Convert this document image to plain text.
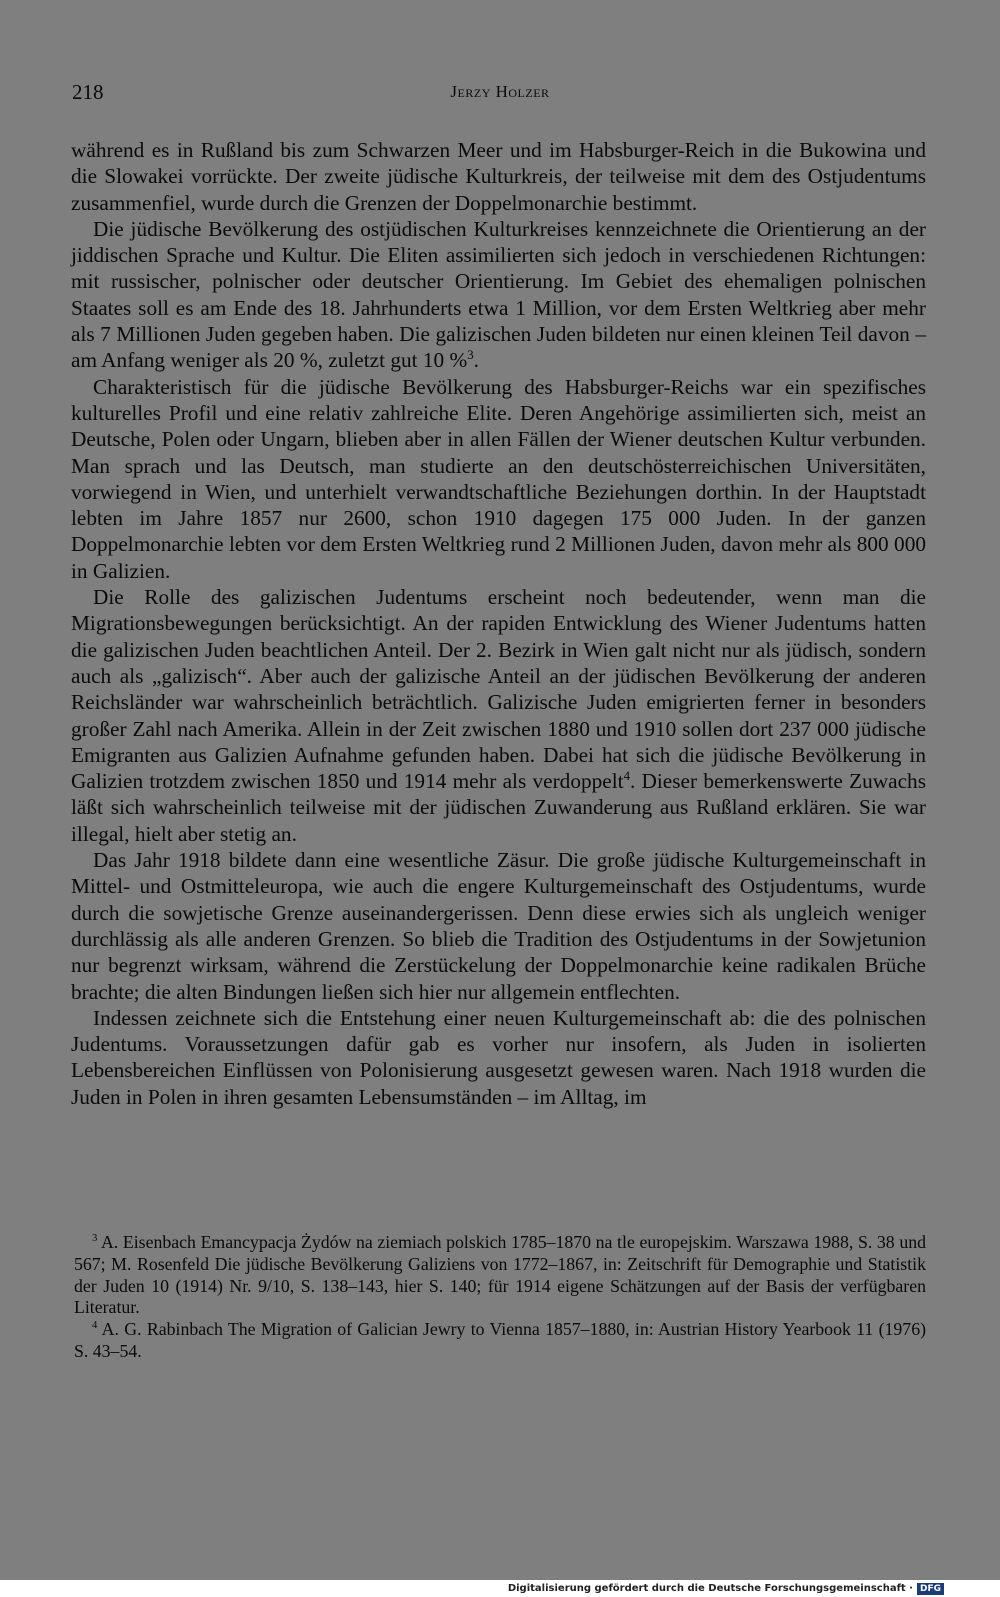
218	Jerzy Holzer

während es in Rußland bis zum Schwarzen Meer und im Habsburger-Reich in die Bukowina und die Slowakei vorrückte. Der zweite jüdische Kulturkreis, der teilweise mit dem des Ostjudentums zusammenfiel, wurde durch die Grenzen der Doppelmonarchie bestimmt.

Die jüdische Bevölkerung des ostjüdischen Kulturkreises kennzeichnete die Orientierung an der jiddischen Sprache und Kultur. Die Eliten assimilierten sich jedoch in verschiedenen Richtungen: mit russischer, polnischer oder deutscher Orientierung. Im Gebiet des ehemaligen polnischen Staates soll es am Ende des 18. Jahrhunderts etwa 1 Million, vor dem Ersten Weltkrieg aber mehr als 7 Millionen Juden gegeben haben. Die galizischen Juden bildeten nur einen kleinen Teil davon – am Anfang weniger als 20 %, zuletzt gut 10 %$^3$.

Charakteristisch für die jüdische Bevölkerung des Habsburger-Reichs war ein spezifisches kulturelles Profil und eine relativ zahlreiche Elite. Deren Angehörige assimilierten sich, meist an Deutsche, Polen oder Ungarn, blieben aber in allen Fällen der Wiener deutschen Kultur verbunden. Man sprach und las Deutsch, man studierte an den deutschösterreichischen Universitäten, vorwiegend in Wien, und unterhielt verwandtschaftliche Beziehungen dorthin. In der Hauptstadt lebten im Jahre 1857 nur 2600, schon 1910 dagegen 175 000 Juden. In der ganzen Doppelmonarchie lebten vor dem Ersten Weltkrieg rund 2 Millionen Juden, davon mehr als 800 000 in Galizien.

Die Rolle des galizischen Judentums erscheint noch bedeutender, wenn man die Migrationsbewegungen berücksichtigt. An der rapiden Entwicklung des Wiener Judentums hatten die galizischen Juden beachtlichen Anteil. Der 2. Bezirk in Wien galt nicht nur als jüdisch, sondern auch als „galizisch“. Aber auch der galizische Anteil an der jüdischen Bevölkerung der anderen Reichsländer war wahrscheinlich beträchtlich. Galizische Juden emigrierten ferner in besonders großer Zahl nach Amerika. Allein in der Zeit zwischen 1880 und 1910 sollen dort 237 000 jüdische Emigranten aus Galizien Aufnahme gefunden haben. Dabei hat sich die jüdische Bevölkerung in Galizien trotzdem zwischen 1850 und 1914 mehr als verdoppelt$^4$. Dieser bemerkenswerte Zuwachs läßt sich wahrscheinlich teilweise mit der jüdischen Zuwanderung aus Rußland erklären. Sie war illegal, hielt aber stetig an.

Das Jahr 1918 bildete dann eine wesentliche Zäsur. Die große jüdische Kulturgemeinschaft in Mittel- und Ostmitteleuropa, wie auch die engere Kulturgemeinschaft des Ostjudentums, wurde durch die sowjetische Grenze auseinandergerissen. Denn diese erwies sich als ungleich weniger durchlässig als alle anderen Grenzen. So blieb die Tradition des Ostjudentums in der Sowjetunion nur begrenzt wirksam, während die Zerstückelung der Doppelmonarchie keine radikalen Brüche brachte; die alten Bindungen ließen sich hier nur allgemein entflechten.

Indessen zeichnete sich die Entstehung einer neuen Kulturgemeinschaft ab: die des polnischen Judentums. Voraussetzungen dafür gab es vorher nur insofern, als Juden in isolierten Lebensbereichen Einflüssen von Polonisierung ausgesetzt gewesen waren. Nach 1918 wurden die Juden in Polen in ihren gesamten Lebensumständen – im Alltag, im

$^3$ A. Eisenbach Emancypacja Żydów na ziemiach polskich 1785–1870 na tle europejskim. Warszawa 1988, S. 38 und 567; M. Rosenfeld Die jüdische Bevölkerung Galiziens von 1772–1867, in: Zeitschrift für Demographie und Statistik der Juden 10 (1914) Nr. 9/10, S. 138–143, hier S. 140; für 1914 eigene Schätzungen auf der Basis der verfügbaren Literatur.

$^4$ A. G. Rabinbach The Migration of Galician Jewry to Vienna 1857–1880, in: Austrian History Yearbook 11 (1976) S. 43–54.

Digitalisierung gefördert durch die Deutsche Forschungsgemeinschaft · DFG
